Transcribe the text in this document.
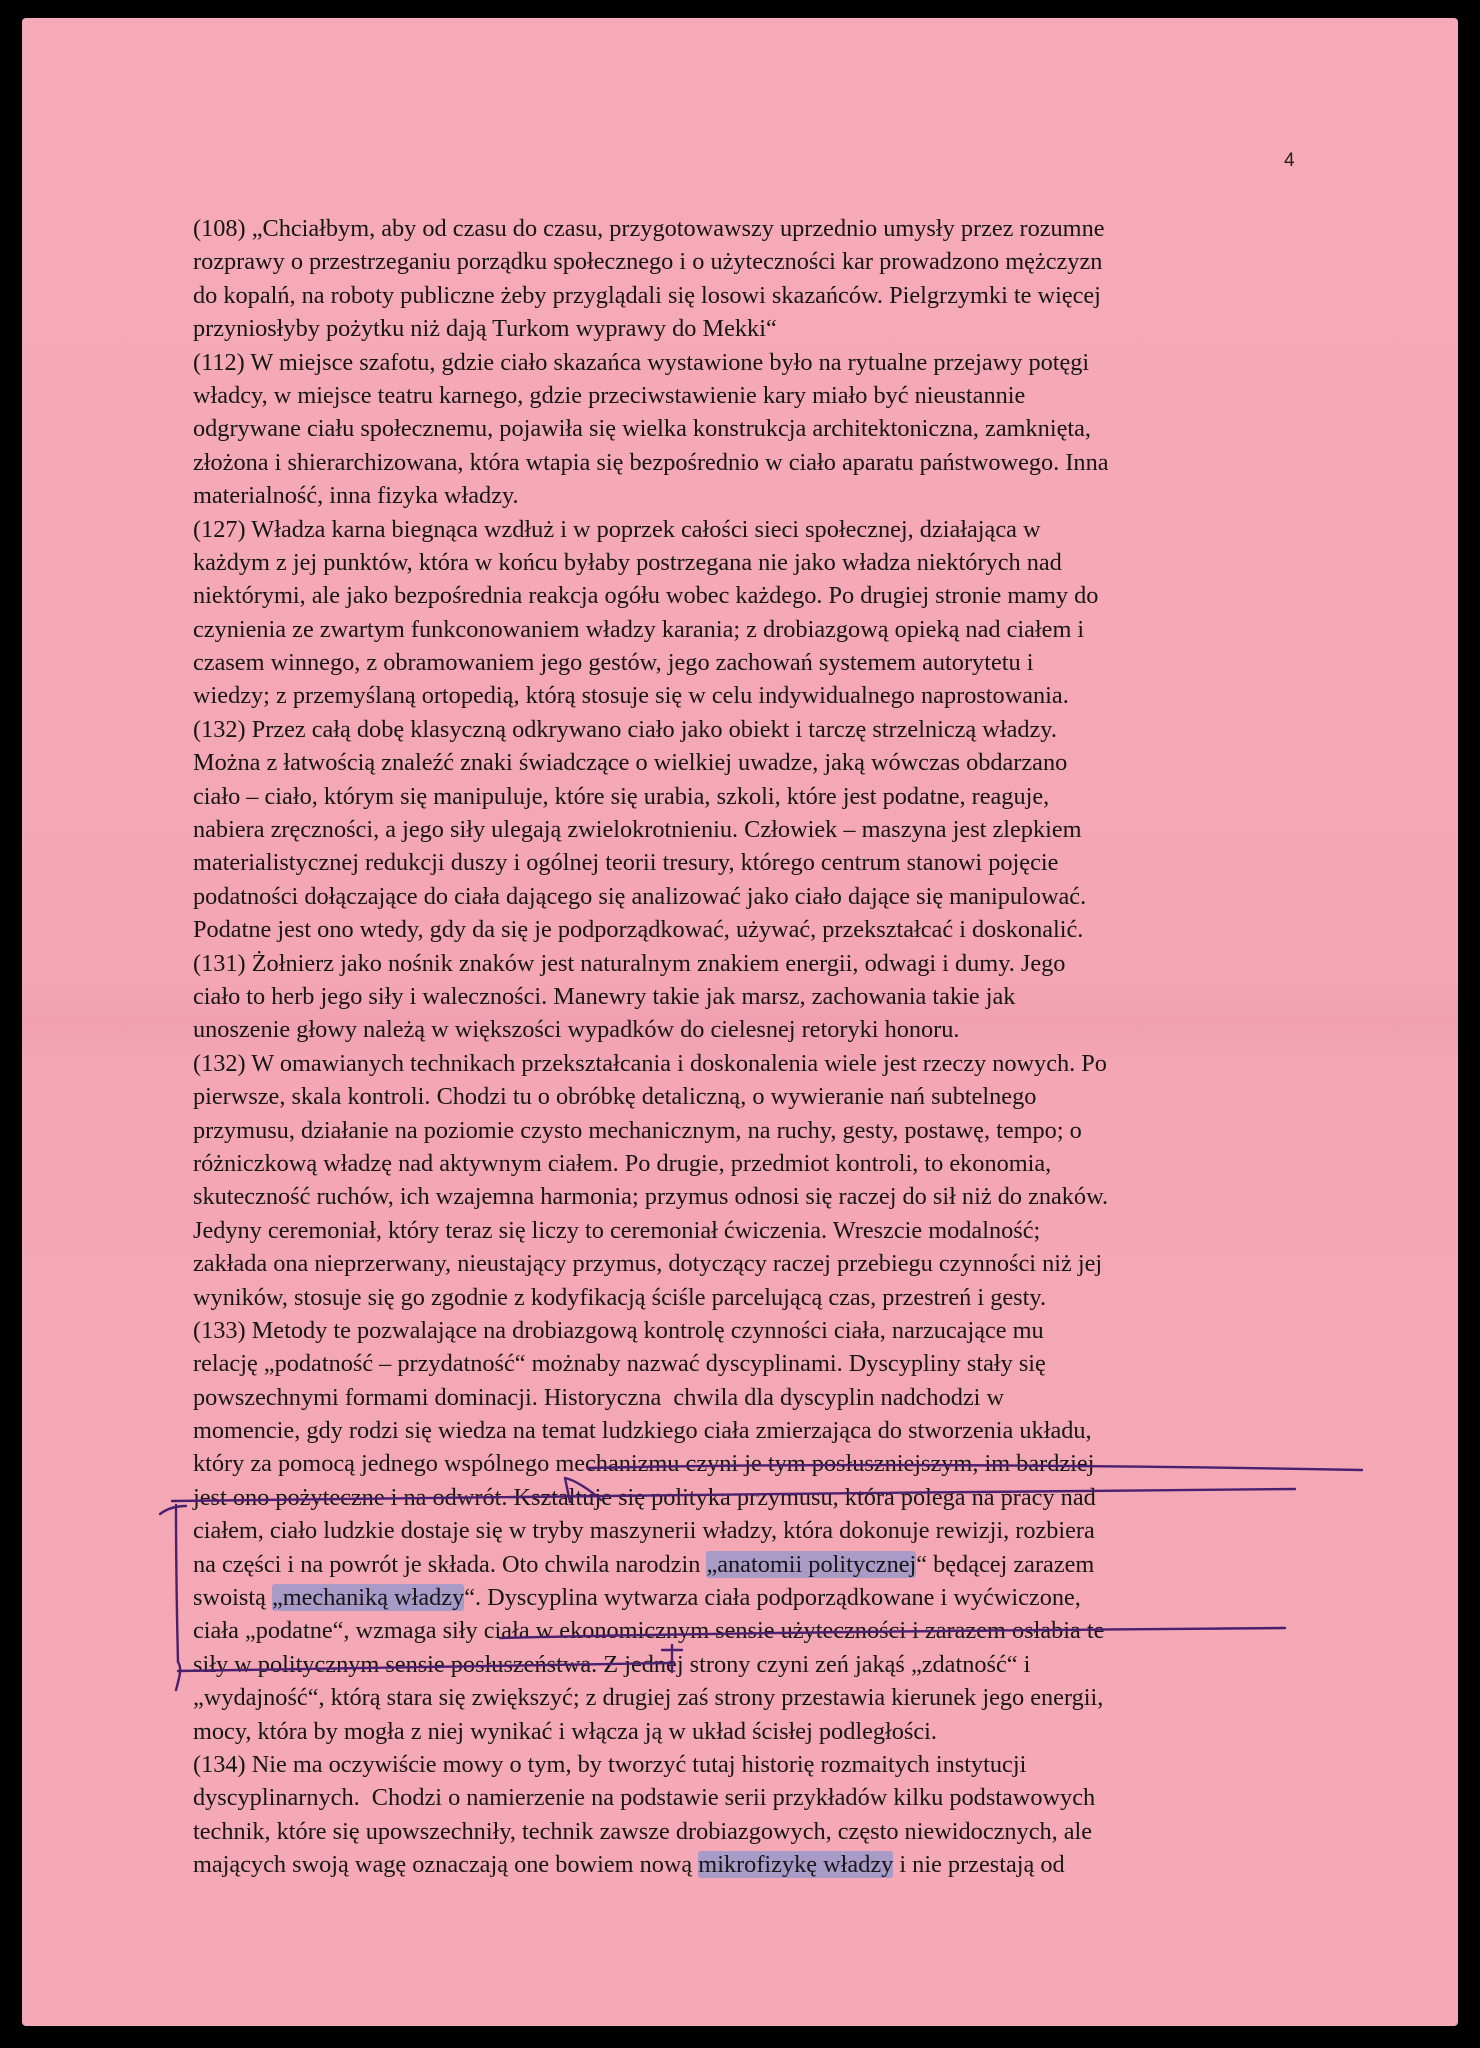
4

(108) „Chciałbym, aby od czasu do czasu, przygotowawszy uprzednio umysły przez rozumne

rozprawy o przestrzeganiu porządku społecznego i o użyteczności kar prowadzono mężczyzn

do kopalń, na roboty publiczne żeby przyglądali się losowi skazańców. Pielgrzymki te więcej

przyniosłyby pożytku niż dają Turkom wyprawy do Mekki“

(112) W miejsce szafotu, gdzie ciało skazańca wystawione było na rytualne przejawy potęgi

władcy, w miejsce teatru karnego, gdzie przeciwstawienie kary miało być nieustannie

odgrywane ciału społecznemu, pojawiła się wielka konstrukcja architektoniczna, zamknięta,

złożona i shierarchizowana, która wtapia się bezpośrednio w ciało aparatu państwowego. Inna

materialność, inna fizyka władzy.

(127) Władza karna biegnąca wzdłuż i w poprzek całości sieci społecznej, działająca w

każdym z jej punktów, która w końcu byłaby postrzegana nie jako władza niektórych nad

niektórymi, ale jako bezpośrednia reakcja ogółu wobec każdego. Po drugiej stronie mamy do

czynienia ze zwartym funkconowaniem władzy karania; z drobiazgową opieką nad ciałem i

czasem winnego, z obramowaniem jego gestów, jego zachowań systemem autorytetu i

wiedzy; z przemyślaną ortopedią, którą stosuje się w celu indywidualnego naprostowania.

(132) Przez całą dobę klasyczną odkrywano ciało jako obiekt i tarczę strzelniczą władzy.

Można z łatwością znaleźć znaki świadczące o wielkiej uwadze, jaką wówczas obdarzano

ciało – ciało, którym się manipuluje, które się urabia, szkoli, które jest podatne, reaguje,

nabiera zręczności, a jego siły ulegają zwielokrotnieniu. Człowiek – maszyna jest zlepkiem

materialistycznej redukcji duszy i ogólnej teorii tresury, którego centrum stanowi pojęcie

podatności dołączające do ciała dającego się analizować jako ciało dające się manipulować.

Podatne jest ono wtedy, gdy da się je podporządkować, używać, przekształcać i doskonalić.

(131) Żołnierz jako nośnik znaków jest naturalnym znakiem energii, odwagi i dumy. Jego

ciało to herb jego siły i waleczności. Manewry takie jak marsz, zachowania takie jak

unoszenie głowy należą w większości wypadków do cielesnej retoryki honoru.

(132) W omawianych technikach przekształcania i doskonalenia wiele jest rzeczy nowych. Po

pierwsze, skala kontroli. Chodzi tu o obróbkę detaliczną, o wywieranie nań subtelnego

przymusu, działanie na poziomie czysto mechanicznym, na ruchy, gesty, postawę, tempo; o

różniczkową władzę nad aktywnym ciałem. Po drugie, przedmiot kontroli, to ekonomia,

skuteczność ruchów, ich wzajemna harmonia; przymus odnosi się raczej do sił niż do znaków.

Jedyny ceremoniał, który teraz się liczy to ceremoniał ćwiczenia. Wreszcie modalność;

zakłada ona nieprzerwany, nieustający przymus, dotyczący raczej przebiegu czynności niż jej

wyników, stosuje się go zgodnie z kodyfikacją ściśle parcelującą czas, przestreń i gesty.

(133) Metody te pozwalające na drobiazgową kontrolę czynności ciała, narzucające mu

relację „podatność – przydatność“ możnaby nazwać dyscyplinami. Dyscypliny stały się

powszechnymi formami dominacji. Historyczna  chwila dla dyscyplin nadchodzi w

momencie, gdy rodzi się wiedza na temat ludzkiego ciała zmierzająca do stworzenia układu,

który za pomocą jednego wspólnego mechanizmu czyni je tym posłuszniejszym, im bardziej

jest ono pożyteczne i na odwrót. Kształtuje się polityka przymusu, która polega na pracy nad

ciałem, ciało ludzkie dostaje się w tryby maszynerii władzy, która dokonuje rewizji, rozbiera

na części i na powrót je składa. Oto chwila narodzin „anatomii politycznej“ będącej zarazem

swoistą „mechaniką władzy“. Dyscyplina wytwarza ciała podporządkowane i wyćwiczone,

ciała „podatne“, wzmaga siły ciała w ekonomicznym sensie użyteczności i zarazem osłabia te

siły w politycznym sensie posłuszeństwa. Z jednej strony czyni zeń jakąś „zdatność“ i

„wydajność“, którą stara się zwiększyć; z drugiej zaś strony przestawia kierunek jego energii,

mocy, która by mogła z niej wynikać i włącza ją w układ ścisłej podległości.

(134) Nie ma oczywiście mowy o tym, by tworzyć tutaj historię rozmaitych instytucji

dyscyplinarnych.  Chodzi o namierzenie na podstawie serii przykładów kilku podstawowych

technik, które się upowszechniły, technik zawsze drobiazgowych, często niewidocznych, ale

mających swoją wagę oznaczają one bowiem nową mikrofizykę władzy i nie przestają od
